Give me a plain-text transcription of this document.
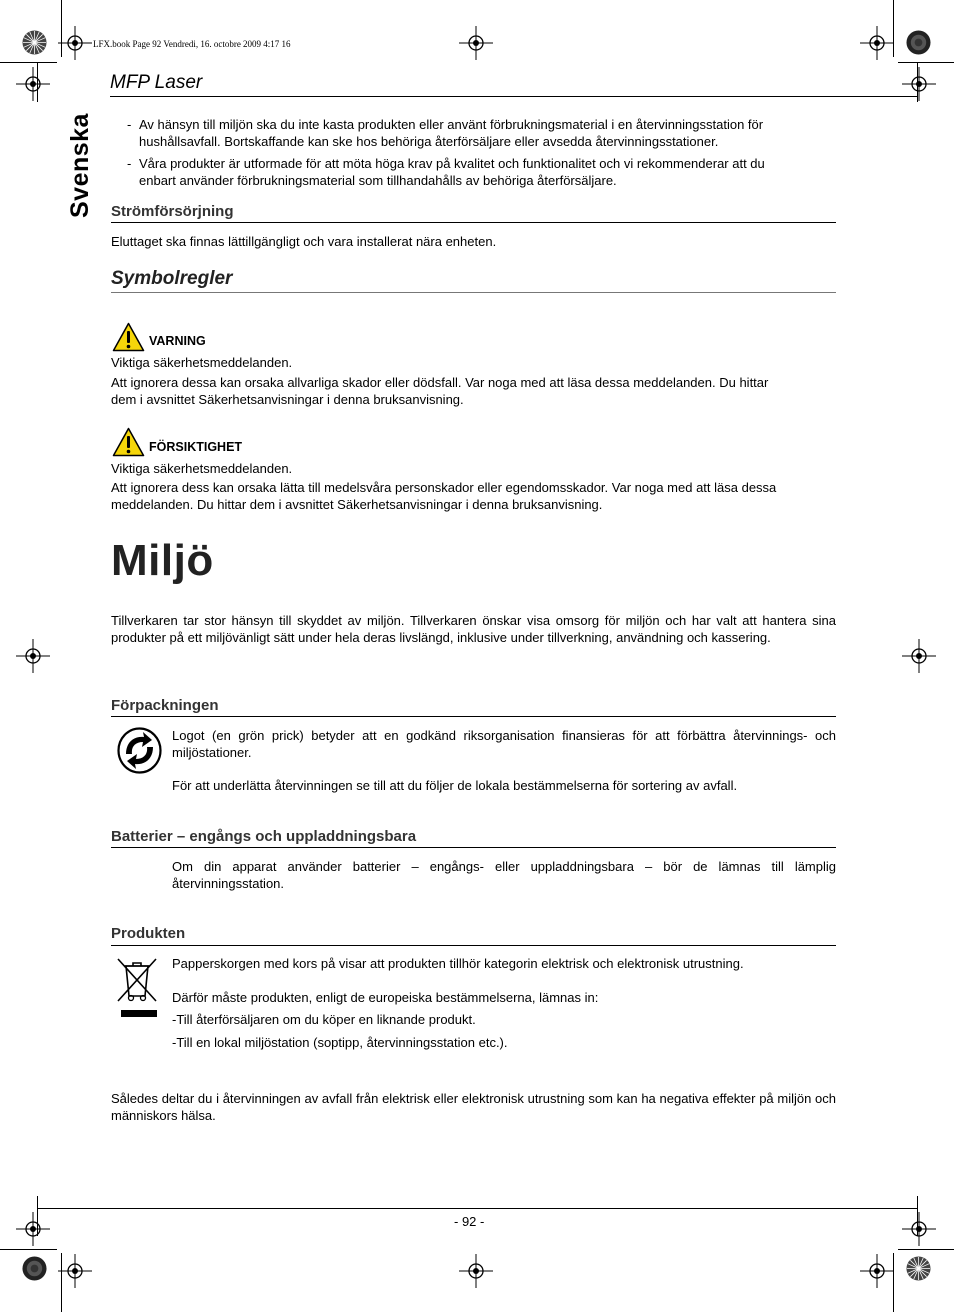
LFX.book Page 92 Vendredi, 16. octobre 2009 4:17 16
MFP Laser
Svenska	- Av hänsyn till miljön ska du inte kasta produkten eller använt förbrukningsmaterial i en återvinningsstation för
hushållsavfall. Bortskaffande kan ske hos behöriga återförsäljare eller avsedda återvinningsstationer.
- Våra produkter är utformade för att möta höga krav på kvalitet och funktionalitet och vi rekommenderar att du
enbart använder förbrukningsmaterial som tillhandahålls av behöriga återförsäljare.
Strömförsörjning
Eluttaget ska finnas lättillgängligt och vara installerat nära enheten.
Symbolregler
VARNING
Viktiga säkerhetsmeddelanden.
Att ignorera dessa kan orsaka allvarliga skador eller dödsfall. Var noga med att läsa dessa meddelanden. Du hittar
dem i avsnittet Säkerhetsanvisningar i denna bruksanvisning.
FÖRSIKTIGHET
Viktiga säkerhetsmeddelanden.
Att ignorera dess kan orsaka lätta till medelsvåra personskador eller egendomsskador. Var noga med att läsa dessa
meddelanden. Du hittar dem i avsnittet Säkerhetsanvisningar i denna bruksanvisning.
Miljö
Tillverkaren tar stor hänsyn till skyddet av miljön. Tillverkaren önskar visa omsorg för miljön och har valt att hantera sina produkter på ett miljövänligt sätt under hela deras livslängd, inklusive under tillverkning, användning och kassering.
Förpackningen
Logot (en grön prick) betyder att en godkänd riksorganisation finansieras för att förbättra återvinnings- och miljöstationer.
För att underlätta återvinningen se till att du följer de lokala bestämmelserna för sortering av avfall.
Batterier – engångs och uppladdningsbara
Om din apparat använder batterier – engångs- eller uppladdningsbara – bör de lämnas till lämplig återvinningsstation.
Produkten
Papperskorgen med kors på visar att produkten tillhör kategorin elektrisk och elektronisk utrustning.
Därför måste produkten, enligt de europeiska bestämmelserna, lämnas in:
-Till återförsäljaren om du köper en liknande produkt.
-Till en lokal miljöstation (soptipp, återvinningsstation etc.).
Således deltar du i återvinningen av avfall från elektrisk eller elektronisk utrustning som kan ha negativa effekter på miljön och människors hälsa.
- 92 -
